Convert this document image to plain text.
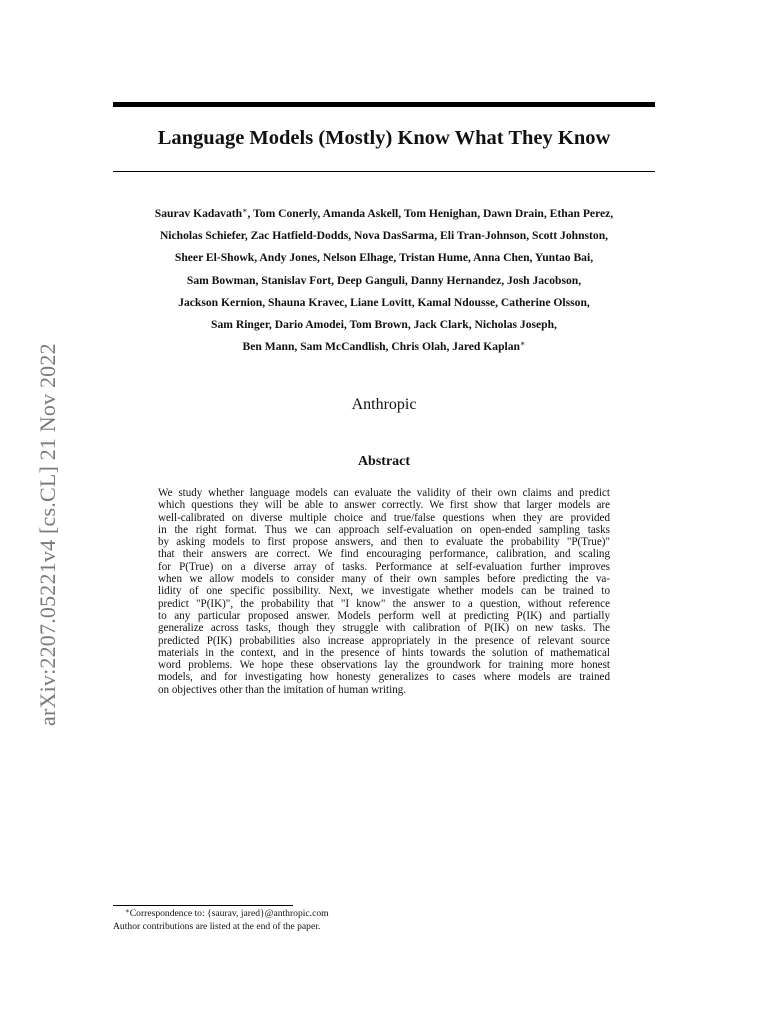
arXiv:2207.05221v4 [cs.CL] 21 Nov 2022
Language Models (Mostly) Know What They Know
Saurav Kadavath∗, Tom Conerly, Amanda Askell, Tom Henighan, Dawn Drain, Ethan Perez,
Nicholas Schiefer, Zac Hatfield-Dodds, Nova DasSarma, Eli Tran-Johnson, Scott Johnston,
Sheer El-Showk, Andy Jones, Nelson Elhage, Tristan Hume, Anna Chen, Yuntao Bai,
Sam Bowman, Stanislav Fort, Deep Ganguli, Danny Hernandez, Josh Jacobson,
Jackson Kernion, Shauna Kravec, Liane Lovitt, Kamal Ndousse, Catherine Olsson,
Sam Ringer, Dario Amodei, Tom Brown, Jack Clark, Nicholas Joseph,
Ben Mann, Sam McCandlish, Chris Olah, Jared Kaplan∗
Anthropic
Abstract
We study whether language models can evaluate the validity of their own claims and predict
which questions they will be able to answer correctly. We first show that larger models are
well-calibrated on diverse multiple choice and true/false questions when they are provided
in the right format. Thus we can approach self-evaluation on open-ended sampling tasks
by asking models to first propose answers, and then to evaluate the probability "P(True)"
that their answers are correct. We find encouraging performance, calibration, and scaling
for P(True) on a diverse array of tasks. Performance at self-evaluation further improves
when we allow models to consider many of their own samples before predicting the va-
lidity of one specific possibility. Next, we investigate whether models can be trained to
predict "P(IK)", the probability that "I know" the answer to a question, without reference
to any particular proposed answer. Models perform well at predicting P(IK) and partially
generalize across tasks, though they struggle with calibration of P(IK) on new tasks. The
predicted P(IK) probabilities also increase appropriately in the presence of relevant source
materials in the context, and in the presence of hints towards the solution of mathematical
word problems. We hope these observations lay the groundwork for training more honest
models, and for investigating how honesty generalizes to cases where models are trained
on objectives other than the imitation of human writing.
∗Correspondence to: {saurav, jared}@anthropic.com
Author contributions are listed at the end of the paper.
